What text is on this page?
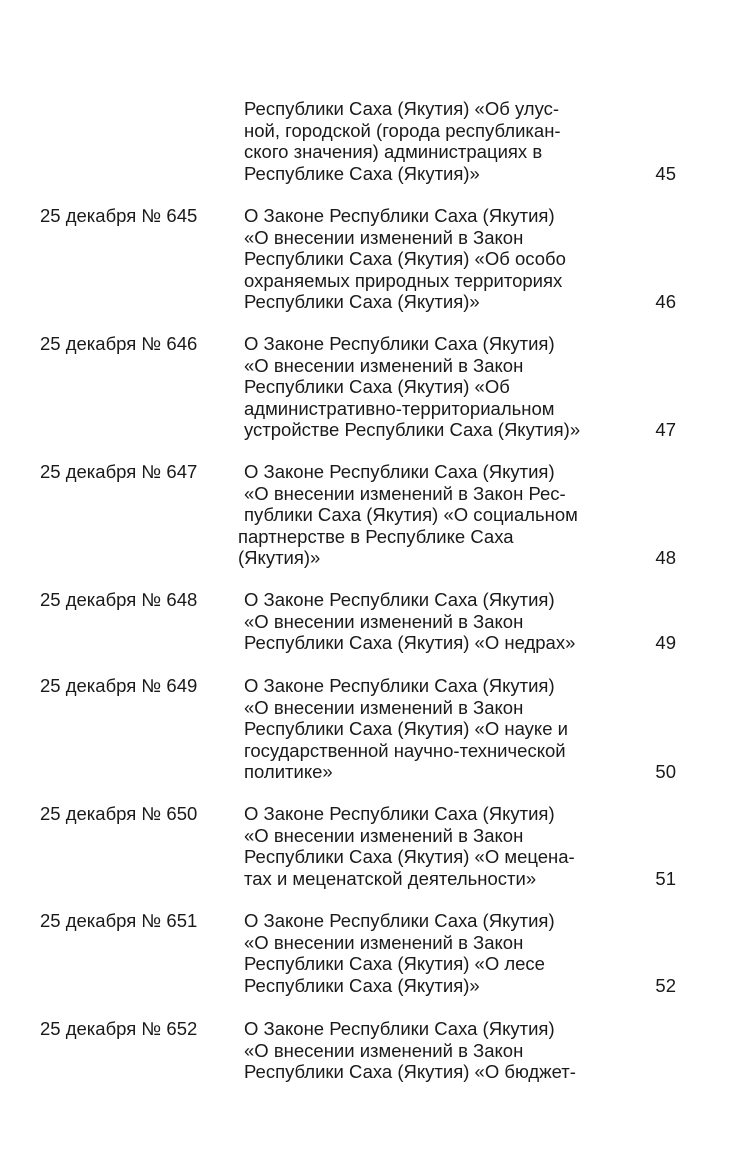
Республики Саха (Якутия) «Об улус-
ной, городской (города республикан-
ского значения) администрациях в
Республике Саха (Якутия)»	45
25 декабря № 645	О Законе Республики Саха (Якутия)
«О внесении изменений в Закон
Республики Саха (Якутия) «Об особо
охраняемых природных территориях
Республики Саха (Якутия)»	46
25 декабря № 646	О Законе Республики Саха (Якутия)
«О внесении изменений в Закон
Республики Саха (Якутия) «Об
административно-территориальном
устройстве Республики Саха (Якутия)»	47
25 декабря № 647	О Законе Республики Саха (Якутия)
«О внесении изменений в Закон Рес-
публики Саха (Якутия) «О социальном
партнерстве в Республике Саха
(Якутия)»	48
25 декабря № 648	О Законе Республики Саха (Якутия)
«О внесении изменений в Закон
Республики Саха (Якутия) «О недрах»	49
25 декабря № 649	О Законе Республики Саха (Якутия)
«О внесении изменений в Закон
Республики Саха (Якутия) «О науке и
государственной научно-технической
политике»	50
25 декабря № 650	О Законе Республики Саха (Якутия)
«О внесении изменений в Закон
Республики Саха (Якутия) «О мецена-
тах и меценатской деятельности»	51
25 декабря № 651	О Законе Республики Саха (Якутия)
«О внесении изменений в Закон
Республики Саха (Якутия) «О лесе
Республики Саха (Якутия)»	52
25 декабря № 652	О Законе Республики Саха (Якутия)
«О внесении изменений в Закон
Республики Саха (Якутия) «О бюджет-
